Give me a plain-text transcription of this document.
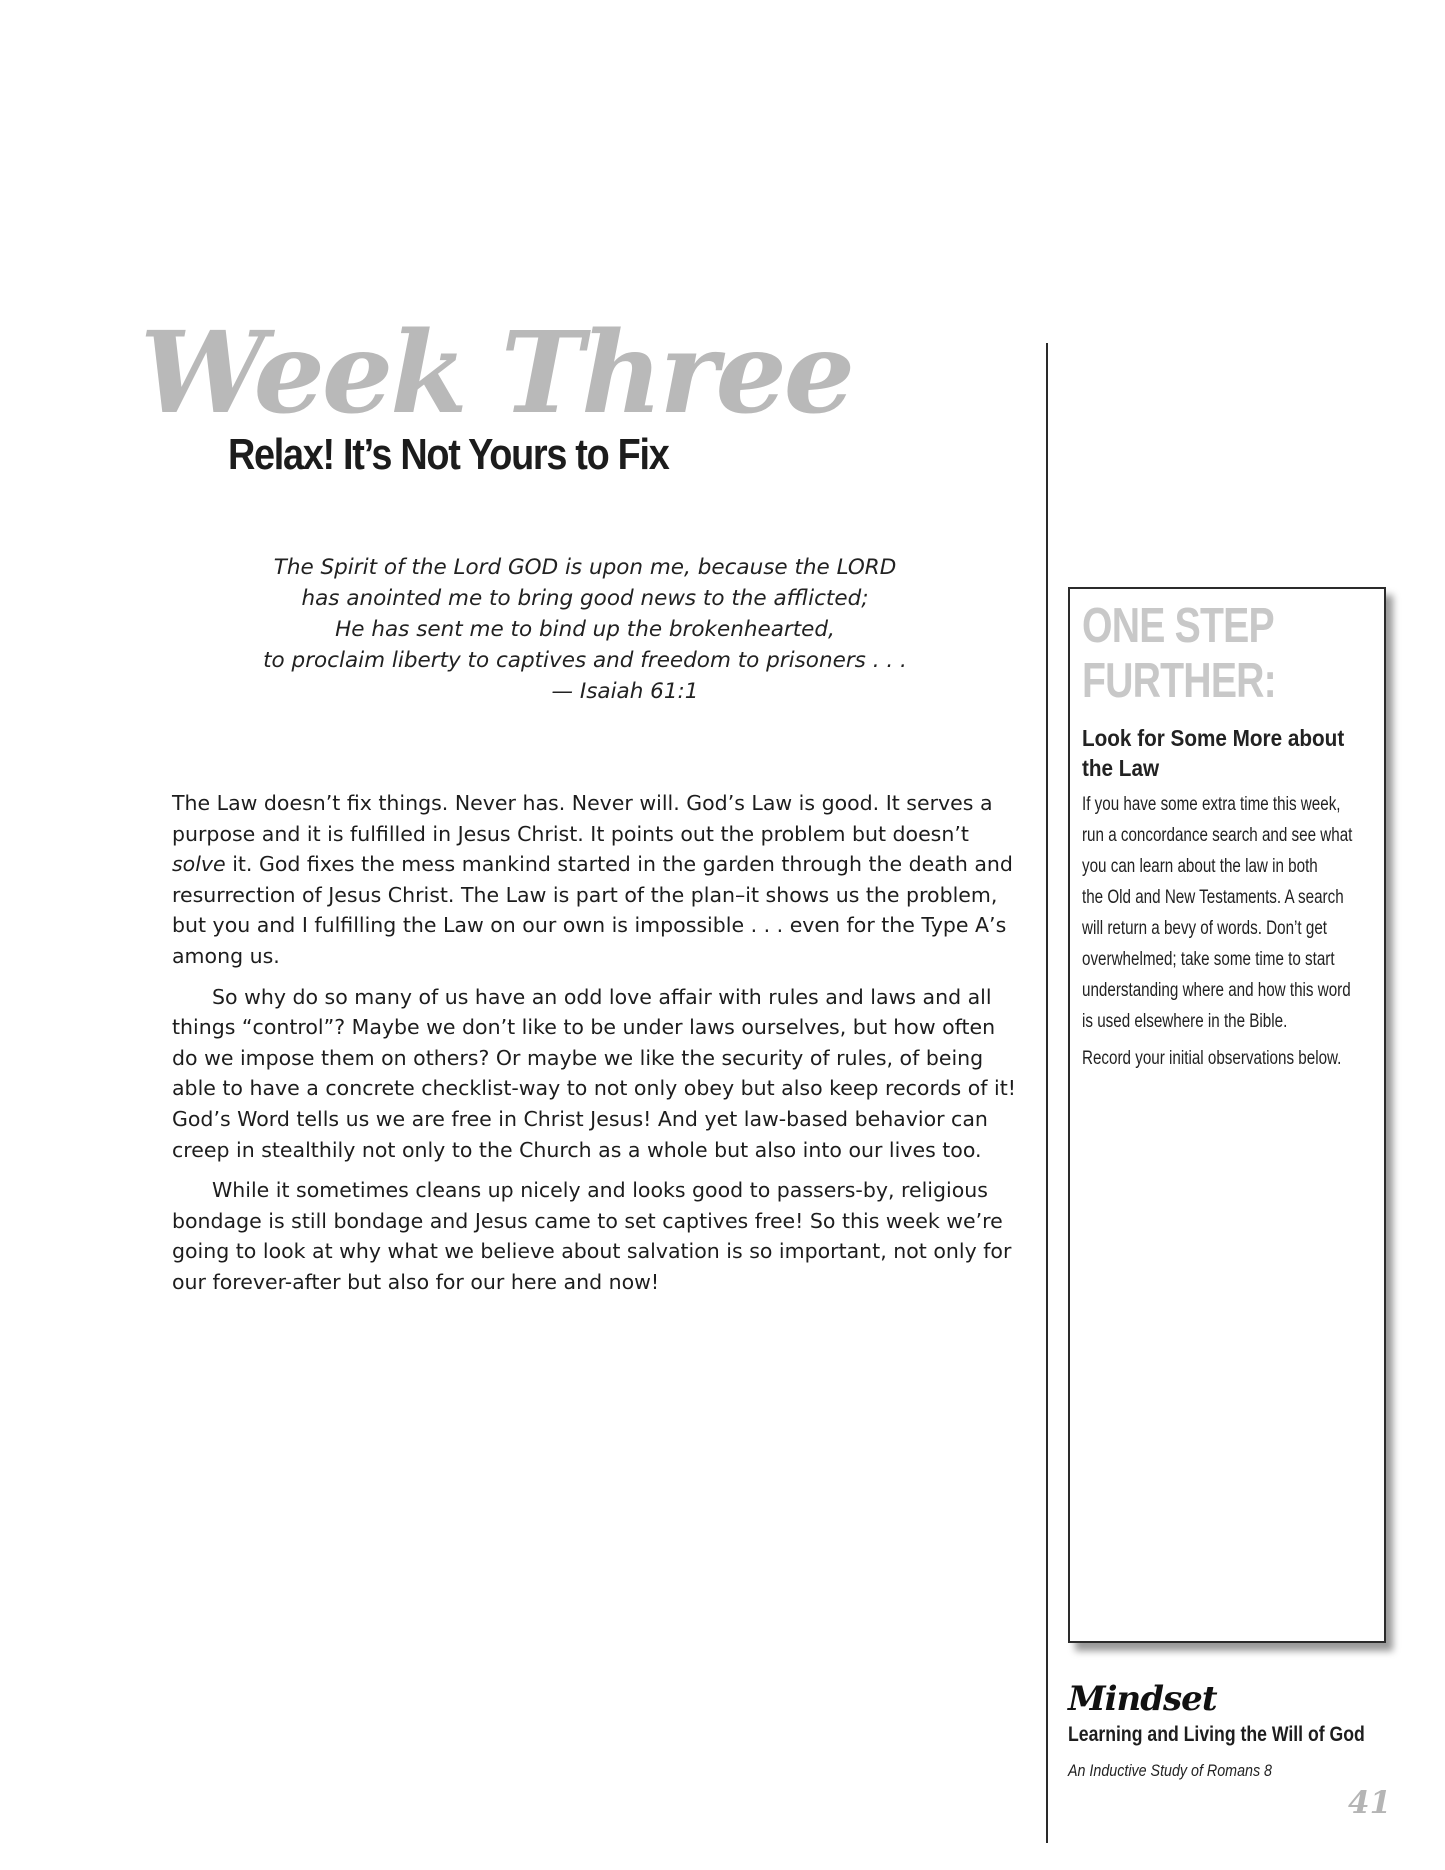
Week Three
Relax! It’s Not Yours to Fix
The Spirit of the Lord GOD is upon me, because the LORD
has anointed me to bring good news to the afflicted;
He has sent me to bind up the brokenhearted,
to proclaim liberty to captives and freedom to prisoners . . .
— Isaiah 61:1

The Law doesn’t fix things. Never has. Never will. God’s Law is good. It serves a purpose and it is fulfilled in Jesus Christ. It points out the problem but doesn’t solve it. God fixes the mess mankind started in the garden through the death and resurrection of Jesus Christ. The Law is part of the plan–it shows us the problem, but you and I fulfilling the Law on our own is impossible . . . even for the Type A’s among us.

So why do so many of us have an odd love affair with rules and laws and all things “control”? Maybe we don’t like to be under laws ourselves, but how often do we impose them on others? Or maybe we like the security of rules, of being able to have a concrete checklist-way to not only obey but also keep records of it! God’s Word tells us we are free in Christ Jesus! And yet law-based behavior can creep in stealthily not only to the Church as a whole but also into our lives too.

While it sometimes cleans up nicely and looks good to passers-by, religious bondage is still bondage and Jesus came to set captives free! So this week we’re going to look at why what we believe about salvation is so important, not only for our forever-after but also for our here and now!

ONE STEP
FURTHER:
Look for Some More about
the Law
If you have some extra time this week,
run a concordance search and see what
you can learn about the law in both
the Old and New Testaments. A search
will return a bevy of words. Don’t get
overwhelmed; take some time to start
understanding where and how this word
is used elsewhere in the Bible.
Record your initial observations below.
Mindset
Learning and Living the Will of God
An Inductive Study of Romans 8
41
